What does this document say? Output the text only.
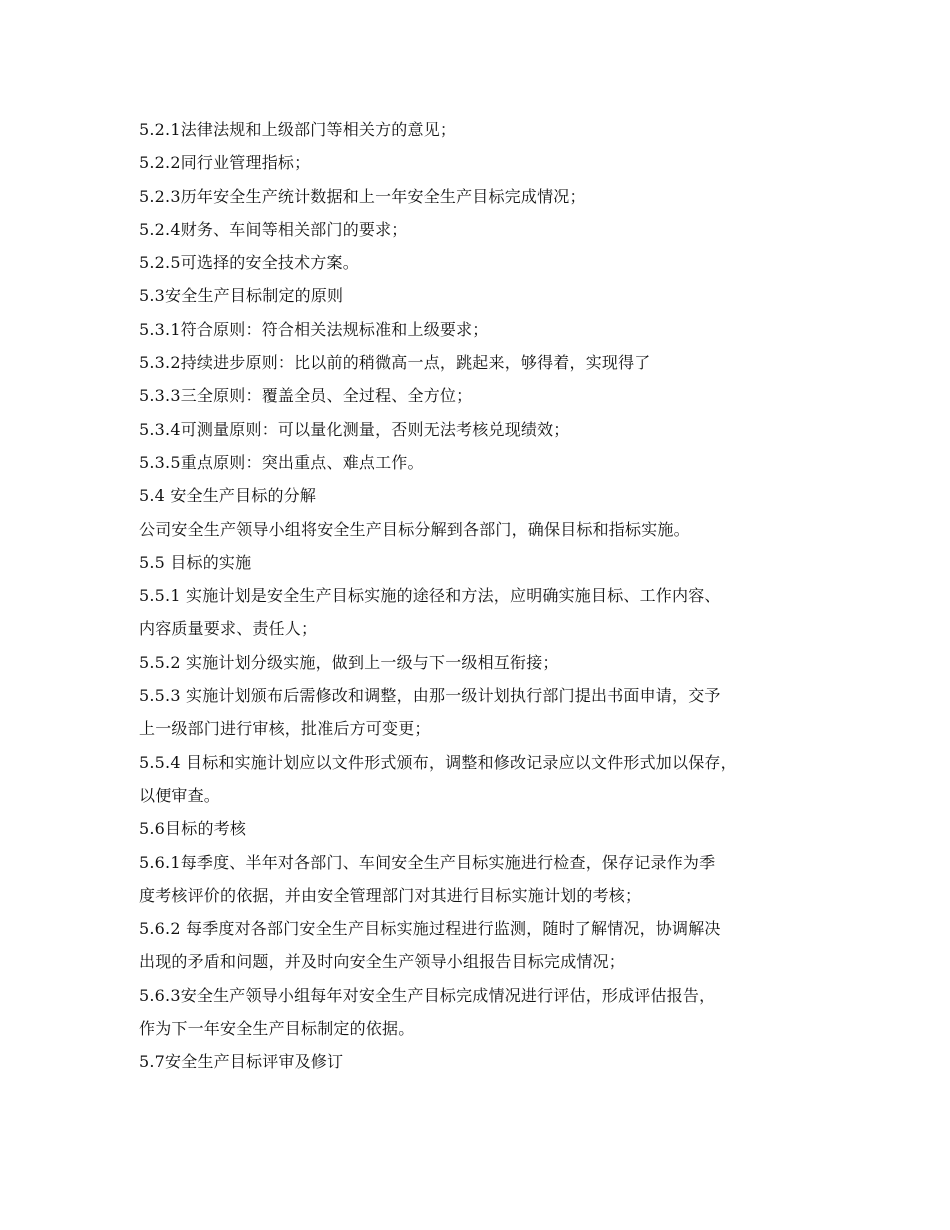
5.2.1法律法规和上级部门等相关方的意见；
5.2.2同行业管理指标；
5.2.3历年安全生产统计数据和上一年安全生产目标完成情况；
5.2.4财务、车间等相关部门的要求；
5.2.5可选择的安全技术方案。
5.3安全生产目标制定的原则
5.3.1符合原则：符合相关法规标准和上级要求；
5.3.2持续进步原则：比以前的稍微高一点，跳起来，够得着，实现得了
5.3.3三全原则：覆盖全员、全过程、全方位；
5.3.4可测量原则：可以量化测量，否则无法考核兑现绩效；
5.3.5重点原则：突出重点、难点工作。
5.4 安全生产目标的分解
公司安全生产领导小组将安全生产目标分解到各部门，确保目标和指标实施。
5.5 目标的实施
5.5.1 实施计划是安全生产目标实施的途径和方法，应明确实施目标、工作内容、
内容质量要求、责任人；
5.5.2 实施计划分级实施，做到上一级与下一级相互衔接；
5.5.3 实施计划颁布后需修改和调整，由那一级计划执行部门提出书面申请，交予
上一级部门进行审核，批准后方可变更；
5.5.4 目标和实施计划应以文件形式颁布，调整和修改记录应以文件形式加以保存，
以便审查。
5.6目标的考核
5.6.1每季度、半年对各部门、车间安全生产目标实施进行检查，保存记录作为季
度考核评价的依据，并由安全管理部门对其进行目标实施计划的考核；
5.6.2 每季度对各部门安全生产目标实施过程进行监测，随时了解情况，协调解决
出现的矛盾和问题，并及时向安全生产领导小组报告目标完成情况；
5.6.3安全生产领导小组每年对安全生产目标完成情况进行评估，形成评估报告，
作为下一年安全生产目标制定的依据。
5.7安全生产目标评审及修订
